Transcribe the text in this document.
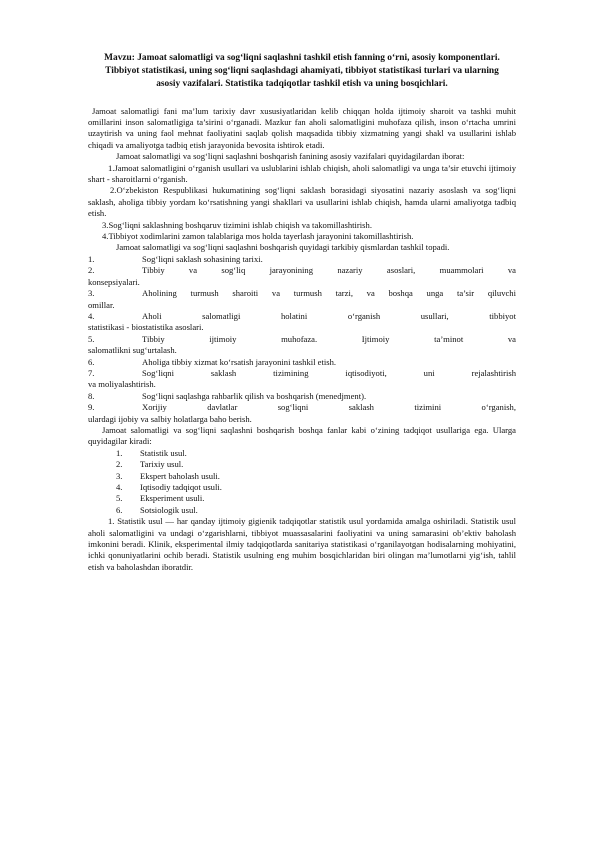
Mavzu: Jamoat salomatligi va sog‘liqni saqlashni tashkil etish fanning o‘rni, asosiy komponentlari. Tibbiyot statistikasi, uning sog‘liqni saqlashdagi ahamiyati, tibbiyot statistikasi turlari va ularning asosiy vazifalari. Statistika tadqiqotlar tashkil etish va uning bosqichlari.

Jamoat salomatligi fani ma’lum tarixiy davr xususiyatlaridan kelib chiqqan holda ijtimoiy sharoit va tashki muhit omillarini inson salomatligiga ta’sirini o‘rganadi. Mazkur fan aholi salomatligini muhofaza qilish, inson o‘rtacha umrini uzaytirish va uning faol mehnat faoliyatini saqlab qolish maqsadida tibbiy xizmatning yangi shakl va usullarini ishlab chiqadi va amaliyotga tadbiq etish jarayonida bevosita ishtirok etadi.

Jamoat salomatligi va sog‘liqni saqlashni boshqarish fanining asosiy vazifalari quyidagilardan iborat:

1.Jamoat salomatligini o‘rganish usullari va uslublarini ishlab chiqish, aholi salomatligi va unga ta’sir etuvchi ijtimoiy shart - sharoitlarni o‘rganish.

2.O‘zbekiston Respublikasi hukumatining sog‘liqni saklash borasidagi siyosatini nazariy asoslash va sog‘liqni saklash, aholiga tibbiy yordam ko‘rsatishning yangi shakllari va usullarini ishlab chiqish, hamda ularni amaliyotga tadbiq etish.

3.Sog‘liqni saklashning boshqaruv tizimini ishlab chiqish va takomillashtirish.

4.Tibbiyot xodimlarini zamon talablariga mos holda tayerlash jarayonini takomillashtirish.

Jamoat salomatligi va sog‘liqni saqlashni boshqarish quyidagi tarkibiy qismlardan tashkil topadi.

1.	Sog‘liqni saklash sohasining tarixi.
2.	Tibbiy va sog‘liq jarayonining nazariy asoslari, muammolari va
konsepsiyalari.
3.	Aholining turmush sharoiti va turmush tarzi, va boshqa unga ta’sir qiluvchi
omillar.
4.	Aholi salomatligi holatini o‘rganish usullari, tibbiyot
statistikasi - biostatistika asoslari.
5.	Tibbiy ijtimoiy muhofaza. Ijtimoiy ta’minot va
salomatlikni sug‘urtalash.
6.	Aholiga tibbiy xizmat ko‘rsatish jarayonini tashkil etish.
7.	Sog‘liqni saklash tizimining iqtisodiyoti, uni rejalashtirish
va moliyalashtirish.
8.	Sog‘liqni saqlashga rahbarlik qilish va boshqarish (menedjment).
9.	Xorijiy davlatlar sog‘liqni saklash tizimini o‘rganish,
ulardagi ijobiy va salbiy holatlarga baho berish.

Jamoat salomatligi va sog‘liqni saqlashni boshqarish boshqa fanlar kabi o‘zining tadqiqot usullariga ega. Ularga quyidagilar kiradi:

1.	Statistik usul.
2.	Tarixiy usul.
3.	Ekspert baholash usuli.
4.	Iqtisodiy tadqiqot usuli.
5.	Eksperiment usuli.
6.	Sotsiologik usul.

1. Statistik usul — har qanday ijtimoiy gigienik tadqiqotlar statistik usul yordamida amalga oshiriladi. Statistik usul aholi salomatligini va undagi o‘zgarishlarni, tibbiyot muassasalarini faoliyatini va uning samarasini ob’ektiv baholash imkonini beradi. Klinik, eksperimental ilmiy tadqiqotlarda sanitariya statistikasi o‘rganilayotgan hodisalarning mohiyatini, ichki qonuniyatlarini ochib beradi. Statistik usulning eng muhim bosqichlaridan biri olingan ma’lumotlarni yig‘ish, tahlil etish va baholashdan iboratdir.
